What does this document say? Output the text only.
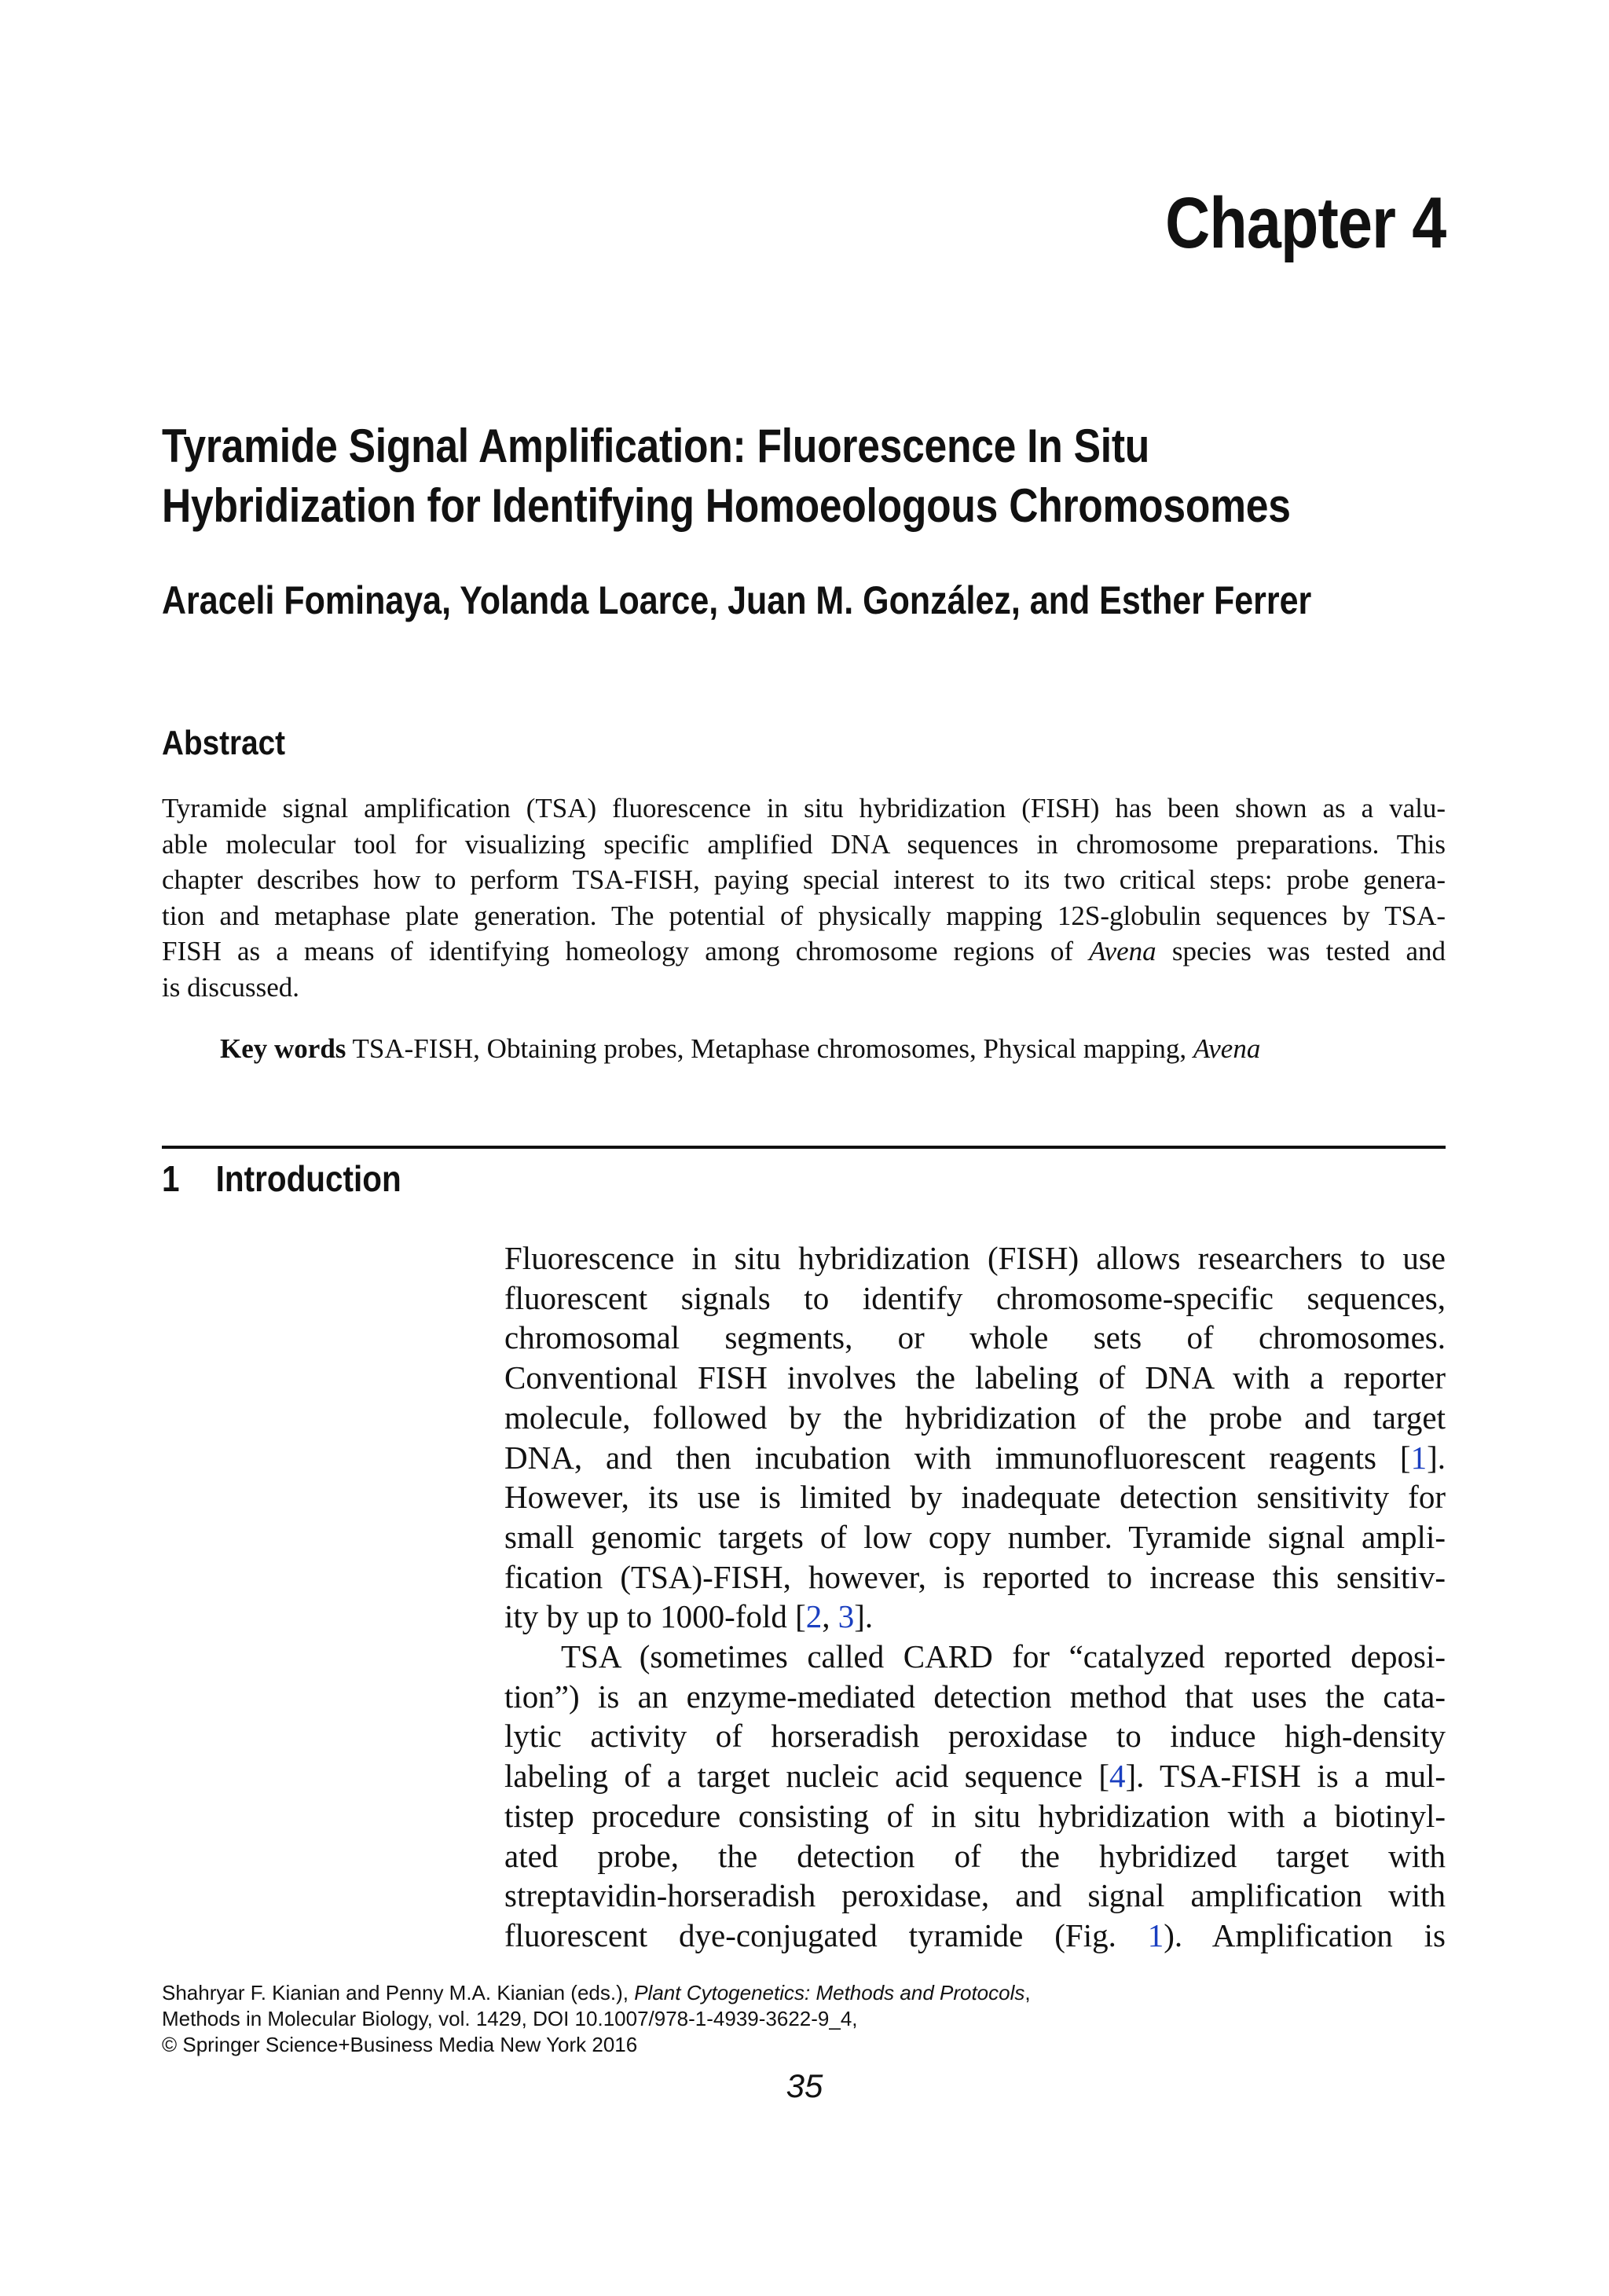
Chapter 4
Tyramide Signal Amplification: Fluorescence In Situ
Hybridization for Identifying Homoeologous Chromosomes
Araceli Fominaya, Yolanda Loarce, Juan M. González, and Esther Ferrer
Abstract
Tyramide signal amplification (TSA) fluorescence in situ hybridization (FISH) has been shown as a valu-
able molecular tool for visualizing specific amplified DNA sequences in chromosome preparations. This
chapter describes how to perform TSA-FISH, paying special interest to its two critical steps: probe genera-
tion and metaphase plate generation. The potential of physically mapping 12S-globulin sequences by TSA-
FISH as a means of identifying homeology among chromosome regions of Avena species was tested and
is discussed.
Key words TSA-FISH, Obtaining probes, Metaphase chromosomes, Physical mapping, Avena
1 Introduction
Fluorescence in situ hybridization (FISH) allows researchers to use
fluorescent signals to identify chromosome-specific sequences,
chromosomal segments, or whole sets of chromosomes.
Conventional FISH involves the labeling of DNA with a reporter
molecule, followed by the hybridization of the probe and target
DNA, and then incubation with immunofluorescent reagents [1].
However, its use is limited by inadequate detection sensitivity for
small genomic targets of low copy number. Tyramide signal ampli-
fication (TSA)-FISH, however, is reported to increase this sensitiv-
ity by up to 1000-fold [2, 3].
TSA (sometimes called CARD for “catalyzed reported deposi-
tion”) is an enzyme-mediated detection method that uses the cata-
lytic activity of horseradish peroxidase to induce high-density
labeling of a target nucleic acid sequence [4]. TSA-FISH is a mul-
tistep procedure consisting of in situ hybridization with a biotinyl-
ated probe, the detection of the hybridized target with
streptavidin-horseradish peroxidase, and signal amplification with
fluorescent dye-conjugated tyramide (Fig. 1). Amplification is
Shahryar F. Kianian and Penny M.A. Kianian (eds.), Plant Cytogenetics: Methods and Protocols,
Methods in Molecular Biology, vol. 1429, DOI 10.1007/978-1-4939-3622-9_4,
© Springer Science+Business Media New York 2016
35
